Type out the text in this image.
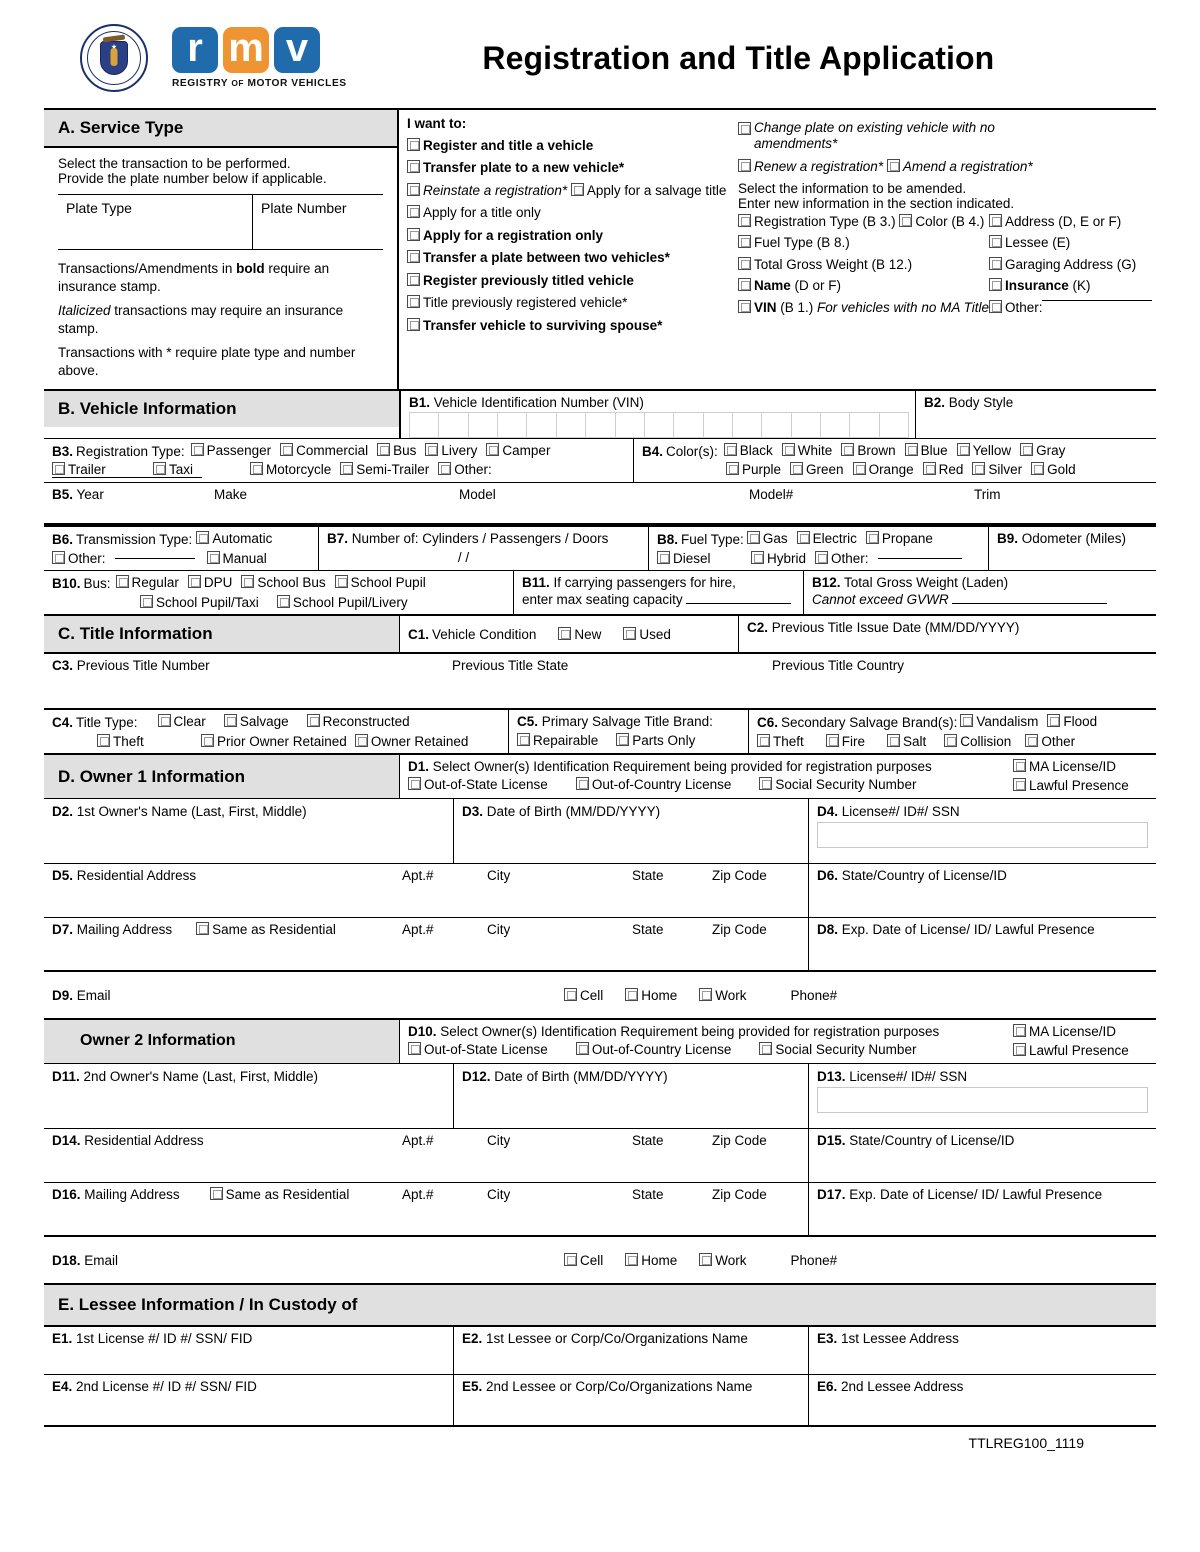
r m v
REGISTRY OF MOTOR VEHICLES
Registration and Title Application
A. Service Type
Select the transaction to be performed.
Provide the plate number below if applicable.
Plate Type	Plate Number
Transactions/Amendments in bold require an insurance stamp.
Italicized transactions may require an insurance stamp.
Transactions with * require plate type and number above.
I want to:
Register and title a vehicle

Transfer plate to a new vehicle*

Reinstate a registration*
Apply for a salvage title

Apply for a title only

Apply for a registration only

Transfer a plate between two vehicles*

Register previously titled vehicle

Title previously registered vehicle*

Transfer vehicle to surviving spouse*
Change plate on existing vehicle with no amendments*

Renew a registration*
Amend a registration*
Select the information to be amended.
Enter new information in the section indicated.
Registration Type (B 3.)
Color (B 4.)

Fuel Type (B 8.)

Total Gross Weight (B 12.)

Name (D or F)

VIN (B 1.) For vehicles with no MA Title
Address (D, E or F)

Lessee (E)

Garaging Address (G)

Insurance (K)

Other:
B. Vehicle Information	B1. Vehicle Identification Number (VIN)	B2. Body Style
B3. Registration Type: Passenger Commercial Bus Livery Camper
Trailer	Taxi	Motorcycle Semi-Trailer Other:
B4. Color(s): Black White Brown Blue Yellow Gray
Purple Green Orange Red Silver Gold
B5. Year	Make	Model	Model#	Trim
B6. Transmission Type: Automatic
Other:	Manual
B7. Number of: Cylinders / Passengers / Doors
/ /
B8. Fuel Type: Gas Electric Propane
Diesel	Hybrid Other:
B9. Odometer (Miles)
B10. Bus: Regular DPU School Bus School Pupil
School Pupil/Taxi	School Pupil/Livery
B11. If carrying passengers for hire,
enter max seating capacity
B12. Total Gross Weight (Laden)
Cannot exceed GVWR
C. Title Information	C1. Vehicle Condition	New	Used	C2. Previous Title Issue Date (MM/DD/YYYY)
C3. Previous Title Number	Previous Title State	Previous Title Country
C4. Title Type:	Clear	Salvage	Reconstructed
Theft	Prior Owner Retained Owner Retained
C5. Primary Salvage Title Brand:
Repairable	Parts Only
C6. Secondary Salvage Brand(s): Vandalism Flood
Theft	Fire	Salt	Collision Other
D. Owner 1 Information
D1. Select Owner(s) Identification Requirement being provided for registration purposes
Out-of-State License	Out-of-Country License	Social Security Number
MA License/ID

Lawful Presence
D2. 1st Owner's Name (Last, First, Middle)	D3. Date of Birth (MM/DD/YYYY)	D4. License#/ ID#/ SSN
D5. Residential Address	Apt.#	City	State	Zip Code	D6. State/Country of License/ID
D7. Mailing Address	Same as Residential	Apt.#	City	State	Zip Code	D8. Exp. Date of License/ ID/ Lawful Presence
D9. Email	Cell	Home	Work	Phone#
Owner 2 Information
D10. Select Owner(s) Identification Requirement being provided for registration purposes
Out-of-State License	Out-of-Country License	Social Security Number
MA License/ID

Lawful Presence
D11. 2nd Owner's Name (Last, First, Middle)	D12. Date of Birth (MM/DD/YYYY)	D13. License#/ ID#/ SSN
D14. Residential Address	Apt.#	City	State	Zip Code	D15. State/Country of License/ID
D16. Mailing Address	Same as Residential	Apt.#	City	State	Zip Code	D17. Exp. Date of License/ ID/ Lawful Presence
D18. Email	Cell	Home	Work	Phone#
E. Lessee Information / In Custody of
E1. 1st License #/ ID #/ SSN/ FID	E2. 1st Lessee or Corp/Co/Organizations Name	E3. 1st Lessee Address
E4. 2nd License #/ ID #/ SSN/ FID	E5. 2nd Lessee or Corp/Co/Organizations Name	E6. 2nd Lessee Address
TTLREG100_1119
